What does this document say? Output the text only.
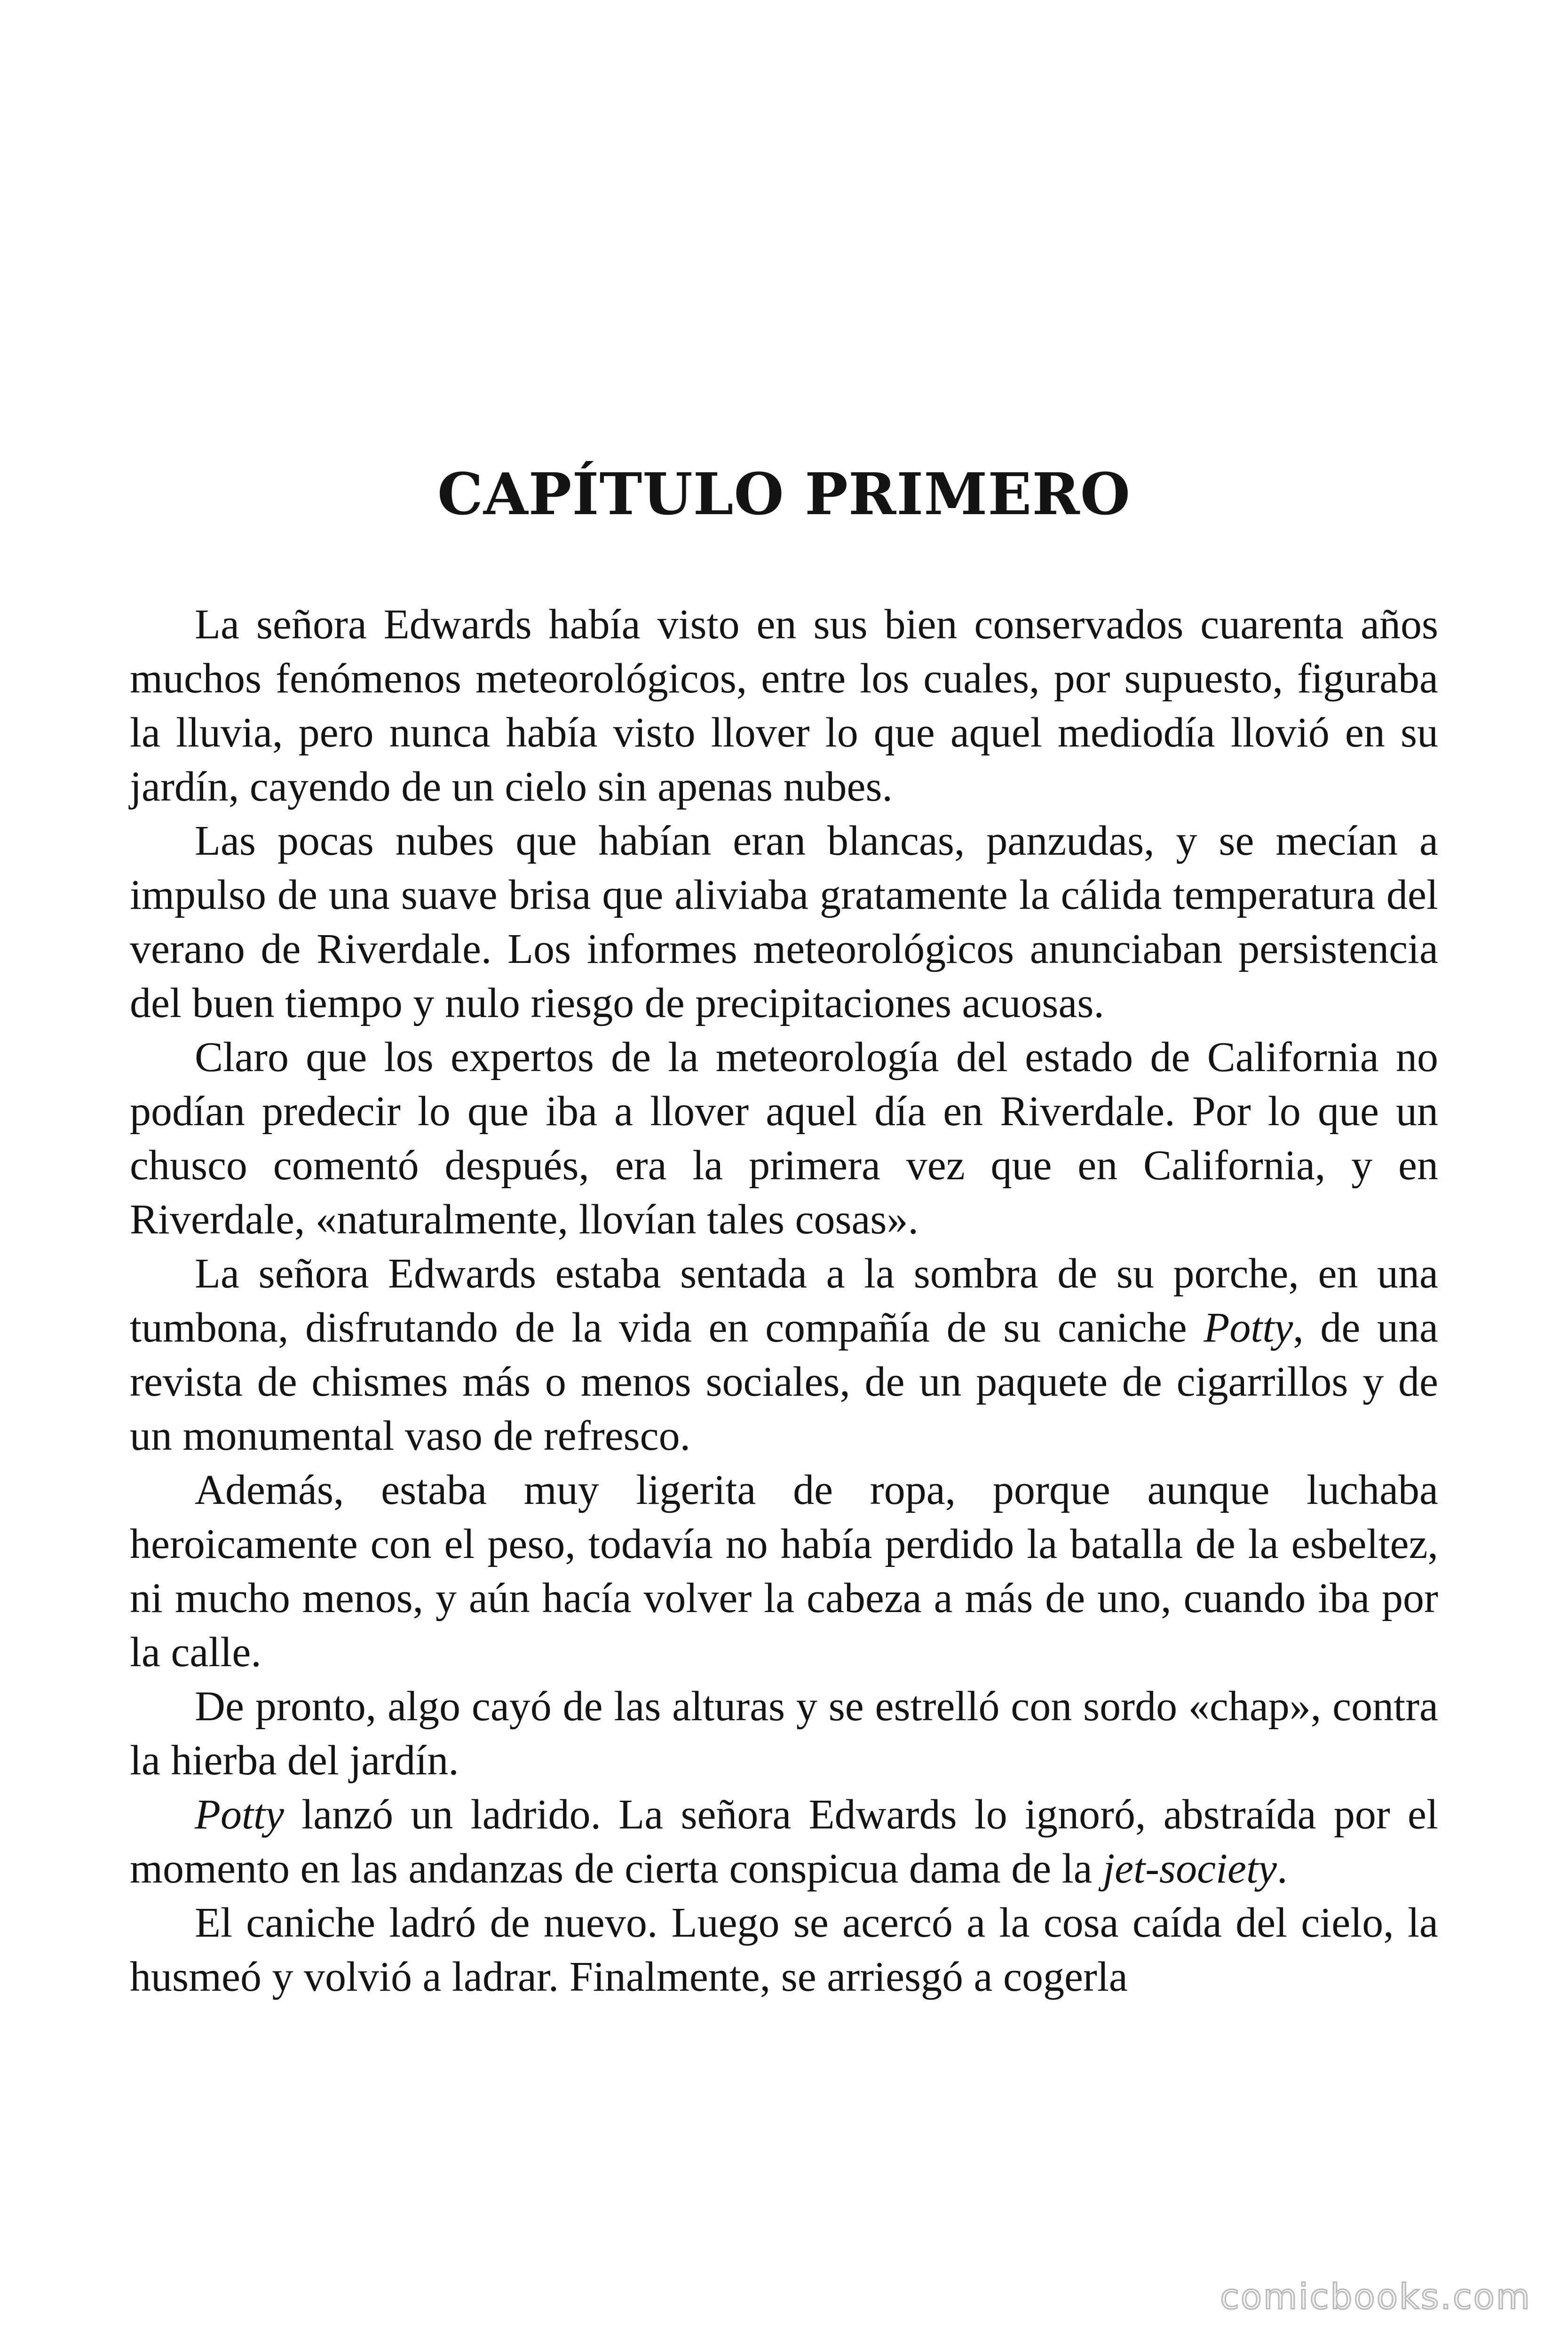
CAPÍTULO PRIMERO

La señora Edwards había visto en sus bien conservados cuarenta años muchos fenómenos meteorológicos, entre los cuales, por supuesto, figuraba la lluvia, pero nunca había visto llover lo que aquel mediodía llovió en su jardín, cayendo de un cielo sin apenas nubes.

Las pocas nubes que habían eran blancas, panzudas, y se mecían a impulso de una suave brisa que aliviaba gratamente la cálida temperatura del verano de Riverdale. Los informes meteorológicos anunciaban persistencia del buen tiempo y nulo riesgo de precipitaciones acuosas.

Claro que los expertos de la meteorología del estado de California no podían predecir lo que iba a llover aquel día en Riverdale. Por lo que un chusco comentó después, era la primera vez que en California, y en Riverdale, «naturalmente, llovían tales cosas».

La señora Edwards estaba sentada a la sombra de su porche, en una tumbona, disfrutando de la vida en compañía de su caniche Potty, de una revista de chismes más o menos sociales, de un paquete de cigarrillos y de un monumental vaso de refresco.

Además, estaba muy ligerita de ropa, porque aunque luchaba heroicamente con el peso, todavía no había perdido la batalla de la esbeltez, ni mucho menos, y aún hacía volver la cabeza a más de uno, cuando iba por la calle.

De pronto, algo cayó de las alturas y se estrelló con sordo «chap», contra la hierba del jardín.

Potty lanzó un ladrido. La señora Edwards lo ignoró, abstraída por el momento en las andanzas de cierta conspicua dama de la jet-society.

El caniche ladró de nuevo. Luego se acercó a la cosa caída del cielo, la husmeó y volvió a ladrar. Finalmente, se arriesgó a cogerla

comicbooks.com
